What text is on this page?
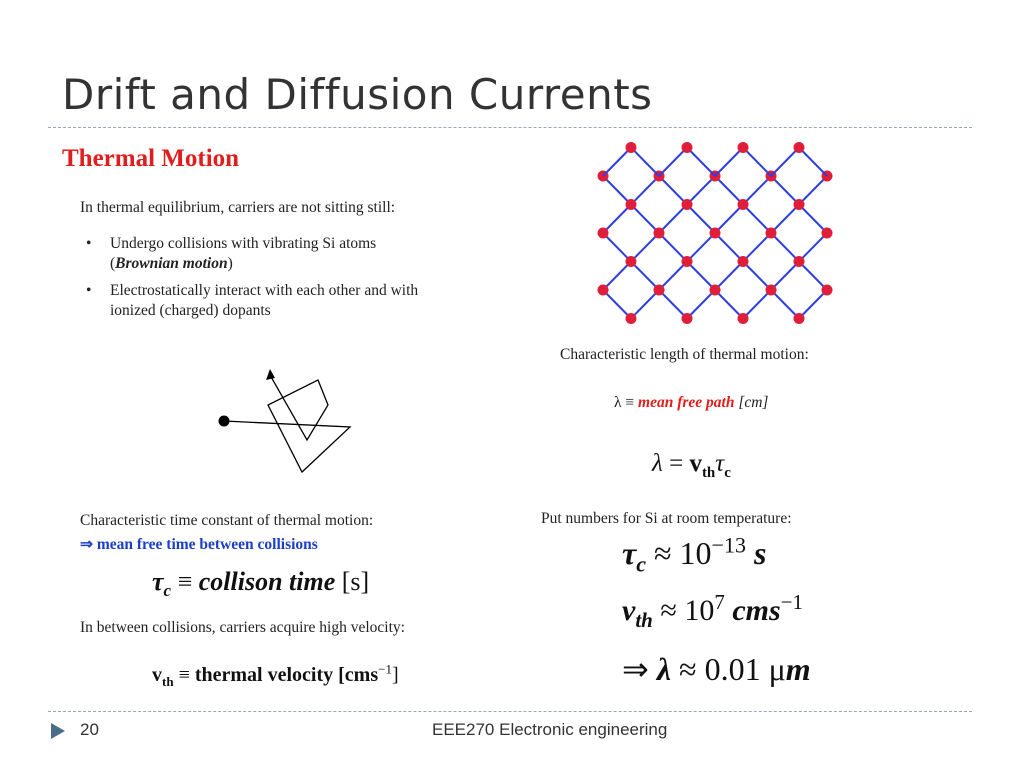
Drift and Diffusion Currents
Thermal Motion
In thermal equilibrium, carriers are not sitting still:
• Undergo collisions with vibrating Si atoms
(Brownian motion)
• Electrostatically interact with each other and with
ionized (charged) dopants
Characteristic time constant of thermal motion:
⇒ mean free time between collisions
$\tau_c$ ≡ collison time [s]
In between collisions, carriers acquire high velocity:
$v_{th}$ ≡ thermal velocity [cms$^{-1}$]
Characteristic length of thermal motion:
λ ≡ mean free path [cm]
$\lambda = v_{th}\tau_c$
Put numbers for Si at room temperature:
$\tau_c \approx 10^{-13}$ s
$v_{th} \approx 10^7$ cms$^{-1}$
⇒ λ ≈ 0.01 μm
20	EEE270 Electronic engineering
